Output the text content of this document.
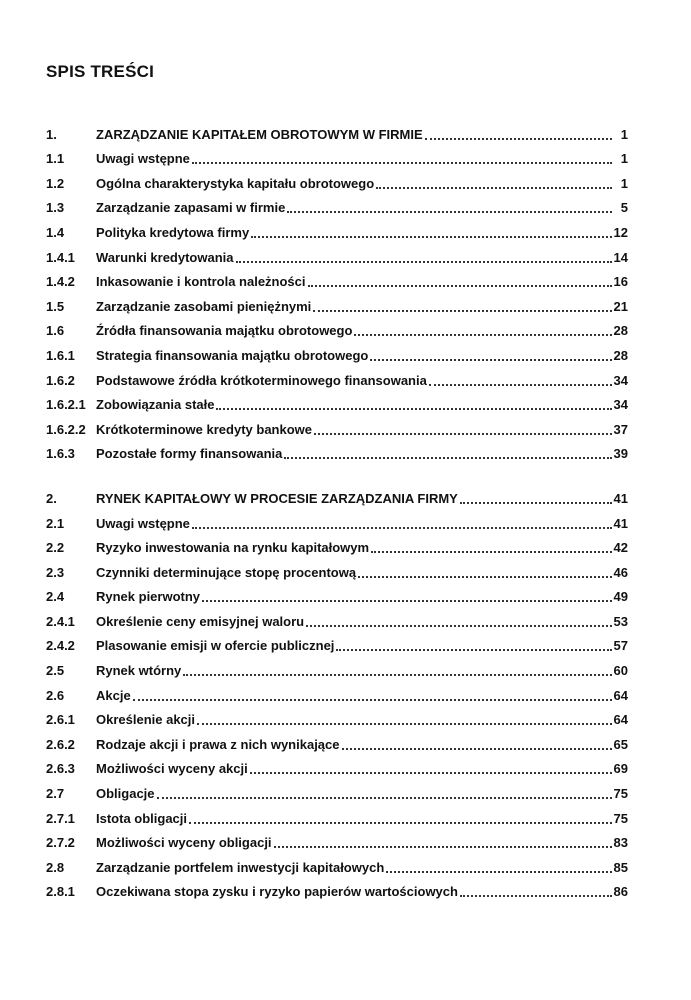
SPIS TREŚCI
1.	ZARZĄDZANIE KAPITAŁEM OBROTOWYM W FIRMIE	1
1.1	Uwagi wstępne	1
1.2	Ogólna charakterystyka kapitału obrotowego	1
1.3	Zarządzanie zapasami w firmie	5
1.4	Polityka kredytowa firmy	12
1.4.1	Warunki kredytowania	14
1.4.2	Inkasowanie i kontrola należności	16
1.5	Zarządzanie zasobami pieniężnymi	21
1.6	Źródła finansowania majątku obrotowego	28
1.6.1	Strategia finansowania majątku obrotowego	28
1.6.2	Podstawowe źródła krótkoterminowego finansowania	34
1.6.2.1 Zobowiązania stałe	34
1.6.2.2 Krótkoterminowe kredyty bankowe	37
1.6.3	Pozostałe formy finansowania	39
2.	RYNEK KAPITAŁOWY W PROCESIE ZARZĄDZANIA FIRMY	41
2.1	Uwagi wstępne	41
2.2	Ryzyko inwestowania na rynku kapitałowym	42
2.3	Czynniki determinujące stopę procentową	46
2.4	Rynek pierwotny	49
2.4.1	Określenie ceny emisyjnej waloru	53
2.4.2	Plasowanie emisji w ofercie publicznej	57
2.5	Rynek wtórny	60
2.6	Akcje	64
2.6.1	Określenie akcji	64
2.6.2	Rodzaje akcji i prawa z nich wynikające	65
2.6.3	Możliwości wyceny akcji	69
2.7	Obligacje	75
2.7.1	Istota obligacji	75
2.7.2	Możliwości wyceny obligacji	83
2.8	Zarządzanie portfelem inwestycji kapitałowych	85
2.8.1	Oczekiwana stopa zysku i ryzyko papierów wartościowych	86
